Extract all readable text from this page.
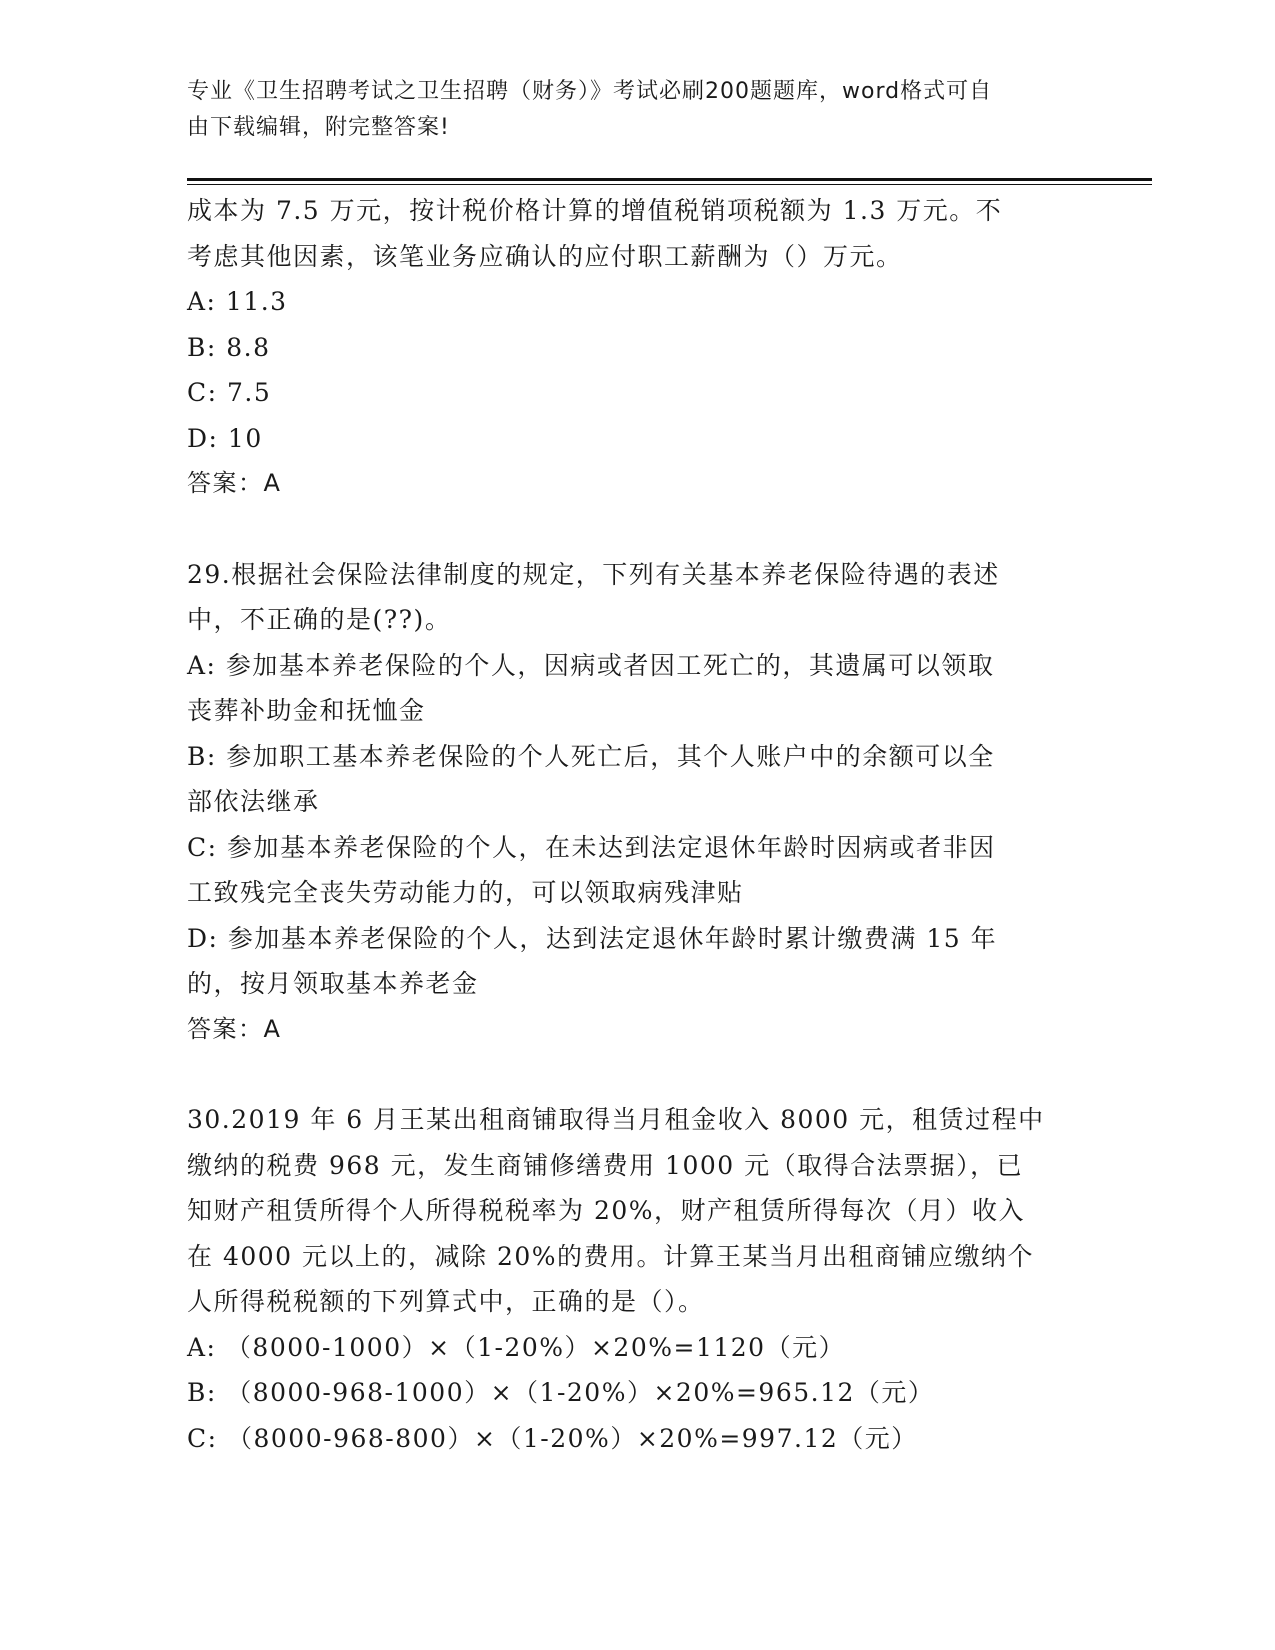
专业《卫生招聘考试之卫生招聘（财务）》考试必刷200题题库，word格式可自
由下载编辑，附完整答案!
成本为 7.5 万元，按计税价格计算的增值税销项税额为 1.3 万元。不
考虑其他因素，该笔业务应确认的应付职工薪酬为（）万元。
A: 11.3
B: 8.8
C: 7.5
D: 10
答案：A
29.根据社会保险法律制度的规定，下列有关基本养老保险待遇的表述
中，不正确的是(??)。
A: 参加基本养老保险的个人，因病或者因工死亡的，其遗属可以领取
丧葬补助金和抚恤金
B: 参加职工基本养老保险的个人死亡后，其个人账户中的余额可以全
部依法继承
C: 参加基本养老保险的个人，在未达到法定退休年龄时因病或者非因
工致残完全丧失劳动能力的，可以领取病残津贴
D: 参加基本养老保险的个人，达到法定退休年龄时累计缴费满 15 年
的，按月领取基本养老金
答案：A
30.2019 年 6 月王某出租商铺取得当月租金收入 8000 元，租赁过程中
缴纳的税费 968 元，发生商铺修缮费用 1000 元（取得合法票据），已
知财产租赁所得个人所得税税率为 20%，财产租赁所得每次（月）收入
在 4000 元以上的，减除 20%的费用。计算王某当月出租商铺应缴纳个
人所得税税额的下列算式中，正确的是（）。
A: （8000-1000）×（1-20%）×20%=1120（元）
B: （8000-968-1000）×（1-20%）×20%=965.12（元）
C: （8000-968-800）×（1-20%）×20%=997.12（元）
